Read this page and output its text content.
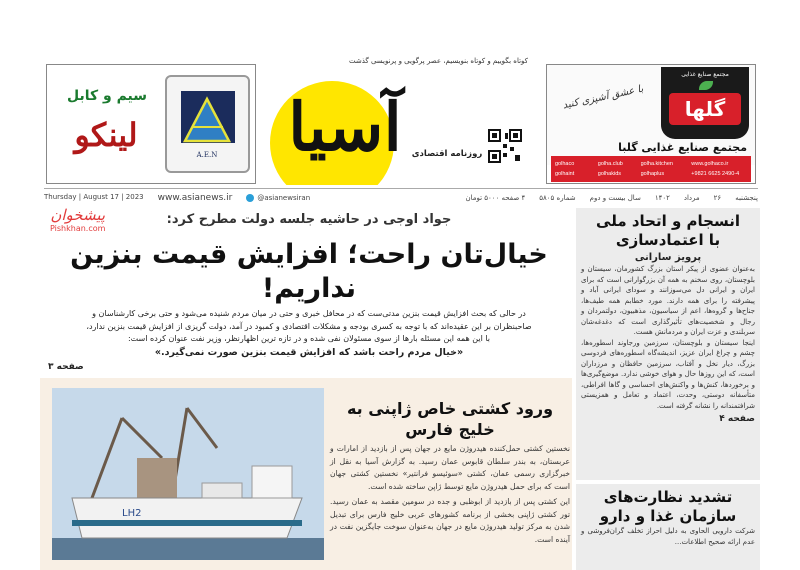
A.E.N
سیم و کابل
لینکو
کوتاه بگوییم و کوتاه بنویسیم، عصر پرگویی و پرنویسی گذشت
آسیا	روزنامه اقتصادی
مجتمع صنایع غذایی
گلها
با عشق آشپزی کنید
مجتمع صنایع غذایی گلبا
golhaco	golha.club	golha.kitchen	www.golhaco.ir
golhaint	golhakids	golhaplus	+9821 6625 2490-4
Thursday | August 17 | 2023 www.asianews.ir	@asianewsiran	پنجشنبه
۲۶
مرداد
۱۴۰۲
سال بیست و دوم
شماره ۵۸۰۵
۴ صفحه ۵۰۰۰ تومان
جواد اوجی در حاشیه جلسه دولت مطرح کرد:
خیال‌تان راحت؛ افزایش قیمت بنزین نداریم!

در حالی که بحث افزایش قیمت بنزین مدتی‌ست که در محافل خبری و حتی در میان مردم شنیده می‌شود و حتی برخی کارشناسان و

صاحبنظران بر این عقیده‌اند که با توجه به کسری بودجه و مشکلات اقتصادی و کمبود در آمد، دولت گریزی از افزایش قیمت بنزین ندارد،

با این همه این مسئله بارها از سوی مسئولان نفی شده و در تازه ترین اظهارنظر، وزیر نفت عنوان کرده است:

«خیال مردم راحت باشد که افزایش قیمت بنزین صورت نمی‌گیرد.»

صفحه ۳
پیشخوان
Pishkhan.com
LH2
ورود کشتی خاص ژاپنی به خلیج فارس

نخستین کشتی حمل‌کننده هیدروژن مایع در جهان پس از بازدید از امارات و عربستان، به بندر سلطان قابوس عمان رسید. به گزارش آسیا به نقل از خبرگزاری رسمی عمان، کشتی «سوئیسو فرانتیر» نخستین کشتی جهان است که برای حمل هیدروژن مایع توسط ژاپن ساخته شده است.

این کشتی پس از بازدید از ابوظبی و جده در سومین مقصد به عمان رسید. تور کشتی ژاپنی بخشی از برنامه کشورهای عربی خلیج فارس برای تبدیل شدن به مرکز تولید هیدروژن مایع در جهان به‌عنوان سوخت جایگزین نفت در آینده است.

انسجام و اتحاد ملی
با اعتمادسازی
پرویز سارانی

به‌عنوان عضوی از پیکر استان بزرگ کشورمان، سیستان و بلوچستان، روی سخنم به همه آن بزرگوارانی است که برای ایران و ایرانی دل می‌سوزانند و سودای ایرانی آباد و پیشرفته را برای همه دارند. مورد خطابم همه طیف‌ها، جناح‌ها و گروه‌ها، اعم از سیاسیون، مذهبیون، دولتمردان و رجال و شخصیت‌های تأثیرگذاری است که دغدغه‌شان سربلندی و عزت ایران و مردمانش هست.

اینجا سیستان و بلوچستان، سرزمین ورجاوند اسطوره‌ها، چشم و چراغ ایران عزیز، اندیشه‌گاه اسطوره‌های فردوسی بزرگ، دیار نخل و آفتاب، سرزمین حافظان و مرزداران است، که این روزها حال و هوای خوشی ندارد. موضع‌گیری‌ها و برخوردها، کنش‌ها و واکنش‌های احساسی و گاها افراطی، متأسفانه دوستی، وحدت، اعتماد و تعامل و همزیستی شرافتمندانه را نشانه گرفته است.

صفحه ۴
تشدید نظارت‌های
سازمان غذا و دارو

شرکت دارویی الحاوی به دلیل احراز تخلف گران‌فروشی و عدم ارائه صحیح اطلاعات...
